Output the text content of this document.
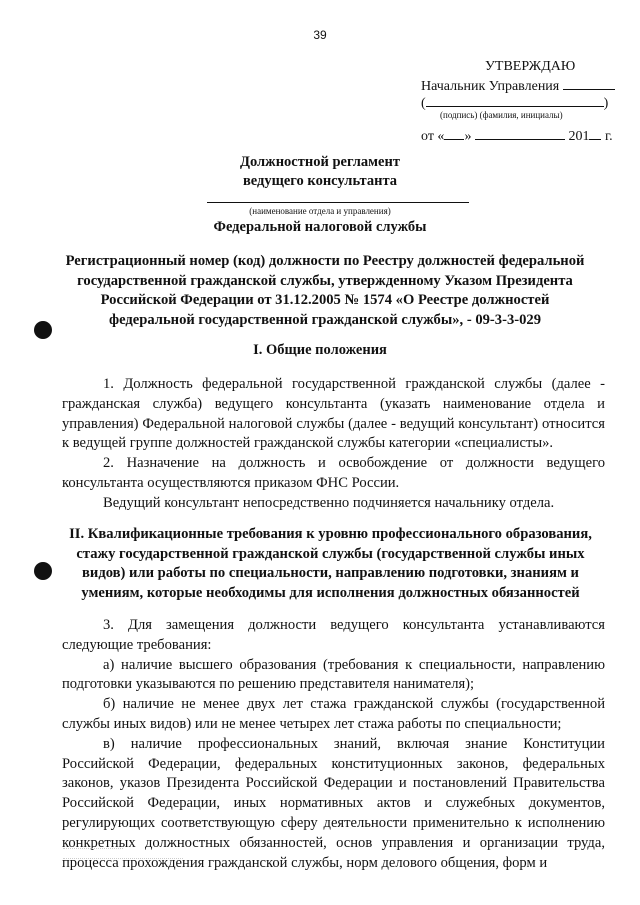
39
УТВЕРЖДАЮ
Начальник Управления
(	)
(подпись) (фамилия, инициалы)
от « »	201 г.
Должностной регламент
ведущего консультанта
(наименование отдела и управления)
Федеральной налоговой службы
Регистрационный номер (код) должности по Реестру должностей федеральной государственной гражданской службы, утвержденному Указом Президента Российской Федерации от 31.12.2005 № 1574 «О Реестре должностей федеральной государственной гражданской службы», - 09-3-3-029
I. Общие положения

1. Должность федеральной государственной гражданской службы (далее - гражданская служба) ведущего консультанта (указать наименование отдела и управления) Федеральной налоговой службы (далее - ведущий консультант) относится к ведущей группе должностей гражданской службы категории «специалисты».

2. Назначение на должность и освобождение от должности ведущего консультанта осуществляются приказом ФНС России.

Ведущий консультант непосредственно подчиняется начальнику отдела.

II. Квалификационные требования к уровню профессионального образования, стажу государственной гражданской службы (государственной службы иных видов) или работы по специальности, направлению подготовки, знаниям и умениям, которые необходимы для исполнения должностных обязанностей

3. Для замещения должности ведущего консультанта устанавливаются следующие требования:

а) наличие высшего образования (требования к специальности, направлению подготовки указываются по решению представителя нанимателя);

б) наличие не менее двух лет стажа гражданской службы (государственной службы иных видов) или не менее четырех лет стажа работы по специальности;

в) наличие профессиональных знаний, включая знание Конституции Российской Федерации, федеральных конституционных законов, федеральных законов, указов Президента Российской Федерации и постановлений Правительства Российской Федерации, иных нормативных актов и служебных документов, регулирующих соответствующую сферу деятельности применительно к исполнению конкретных должностных обязанностей, основ управления и организации труда, процесса прохождения гражданской службы, норм делового общения, форм и
